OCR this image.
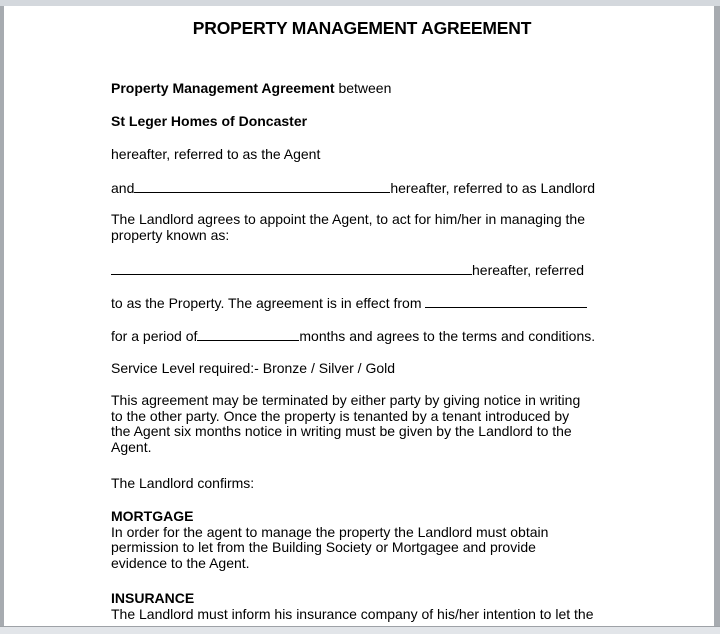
PROPERTY MANAGEMENT AGREEMENT
Property Management Agreement between
St Leger Homes of Doncaster
hereafter, referred to as the Agent
and	hereafter, referred to as Landlord
The Landlord agrees to appoint the Agent, to act for him/her in managing the
property known as:
hereafter, referred
to as the Property. The agreement is in effect from
for a period of	months and agrees to the terms and conditions.
Service Level required:- Bronze / Silver / Gold
This agreement may be terminated by either party by giving notice in writing
to the other party. Once the property is tenanted by a tenant introduced by
the Agent six months notice in writing must be given by the Landlord to the
Agent.
The Landlord confirms:
MORTGAGE
In order for the agent to manage the property the Landlord must obtain
permission to let from the Building Society or Mortgagee and provide
evidence to the Agent.
INSURANCE
The Landlord must inform his insurance company of his/her intention to let the
